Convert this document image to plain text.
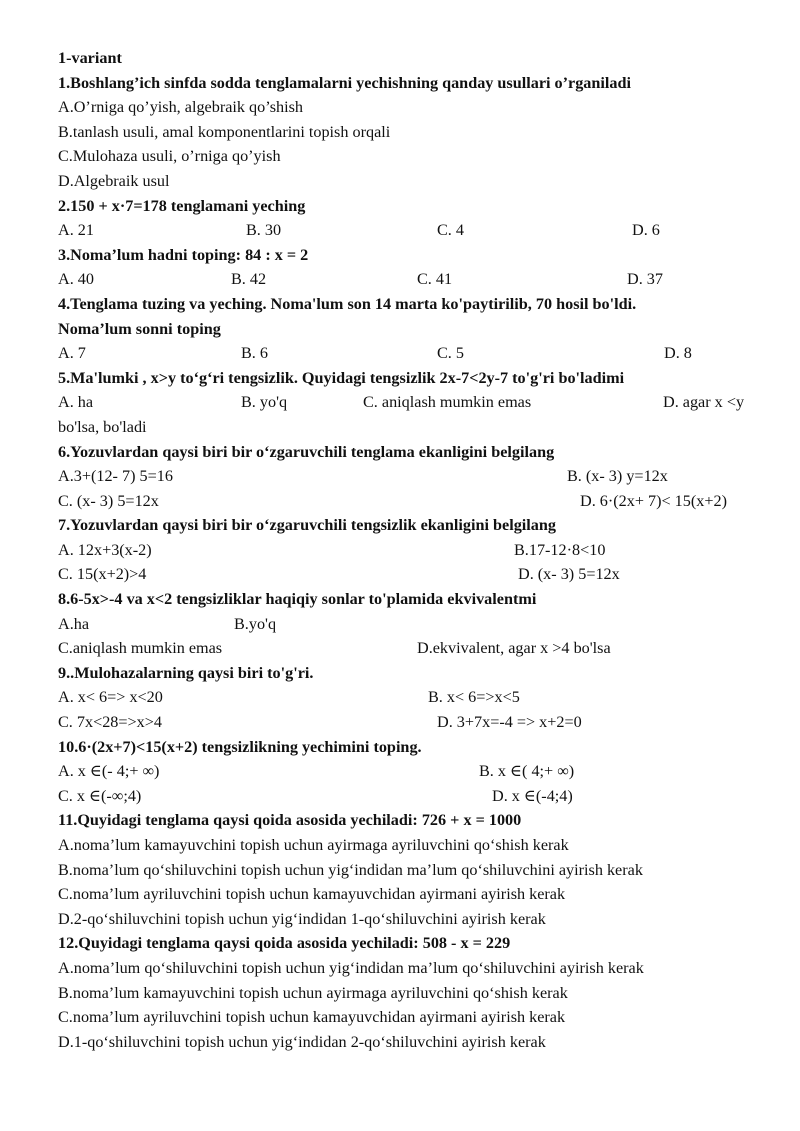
1-variant
1.Boshlang’ich sinfda sodda tenglamalarni yechishning qanday usullari o’rganiladi
A.O’rniga qo’yish, algebraik qo’shish
B.tanlash usuli, amal komponentlarini topish orqali
C.Mulohaza usuli, o’rniga qo’yish
D.Algebraik usul
2.150 + x·7=178 tenglamani yeching
A. 21	B. 30	C. 4	D. 6
3.Noma’lum hadni toping: 84 : x = 2
A. 40	B. 42	C. 41	D. 37
4.Tenglama tuzing va yeching. Noma'lum son 14 marta ko'paytirilib, 70 hosil bo'ldi.
Noma’lum sonni toping
A. 7	B. 6	C. 5	D. 8
5.Ma'lumki , x>y to‘g‘ri tengsizlik. Quyidagi tengsizlik 2x-7<2y-7 to'g'ri bo'ladimi
A. ha	B. yo'q	C. aniqlash mumkin emas	D. agar x <y
bo'lsa, bo'ladi
6.Yozuvlardan qaysi biri bir o‘zgaruvchili tenglama ekanligini belgilang
A.3+(12- 7) 5=16	B. (x- 3) y=12x
C. (x- 3) 5=12x	D. 6·(2x+ 7)< 15(x+2)
7.Yozuvlardan qaysi biri bir o‘zgaruvchili tengsizlik ekanligini belgilang
A. 12x+3(x-2)	B.17-12·8<10
C. 15(x+2)>4	D. (x- 3) 5=12x
8.6-5x>-4 va x<2 tengsizliklar haqiqiy sonlar to'plamida ekvivalentmi
A.ha	B.yo'q
C.aniqlash mumkin emas	D.ekvivalent, agar x >4 bo'lsa
9..Mulohazalarning qaysi biri to'g'ri.
A. x< 6=> x<20	B. x< 6=>x<5
C. 7x<28=>x>4	D. 3+7x=-4 => x+2=0
10.6·(2x+7)<15(x+2) tengsizlikning yechimini toping.
A. x ∈(- 4;+ ∞)	B. x ∈( 4;+ ∞)
C. x ∈(-∞;4)	D. x ∈(-4;4)
11.Quyidagi tenglama qaysi qoida asosida yechiladi: 726 + x = 1000
A.noma’lum kamayuvchini topish uchun ayirmaga ayriluvchini qo‘shish kerak
B.noma’lum qo‘shiluvchini topish uchun yig‘indidan ma’lum qo‘shiluvchini ayirish kerak
C.noma’lum ayriluvchini topish uchun kamayuvchidan ayirmani ayirish kerak
D.2-qo‘shiluvchini topish uchun yig‘indidan 1-qo‘shiluvchini ayirish kerak
12.Quyidagi tenglama qaysi qoida asosida yechiladi: 508 - x = 229
A.noma’lum qo‘shiluvchini topish uchun yig‘indidan ma’lum qo‘shiluvchini ayirish kerak
B.noma’lum kamayuvchini topish uchun ayirmaga ayriluvchini qo‘shish kerak
C.noma’lum ayriluvchini topish uchun kamayuvchidan ayirmani ayirish kerak
D.1-qo‘shiluvchini topish uchun yig‘indidan 2-qo‘shiluvchini ayirish kerak
